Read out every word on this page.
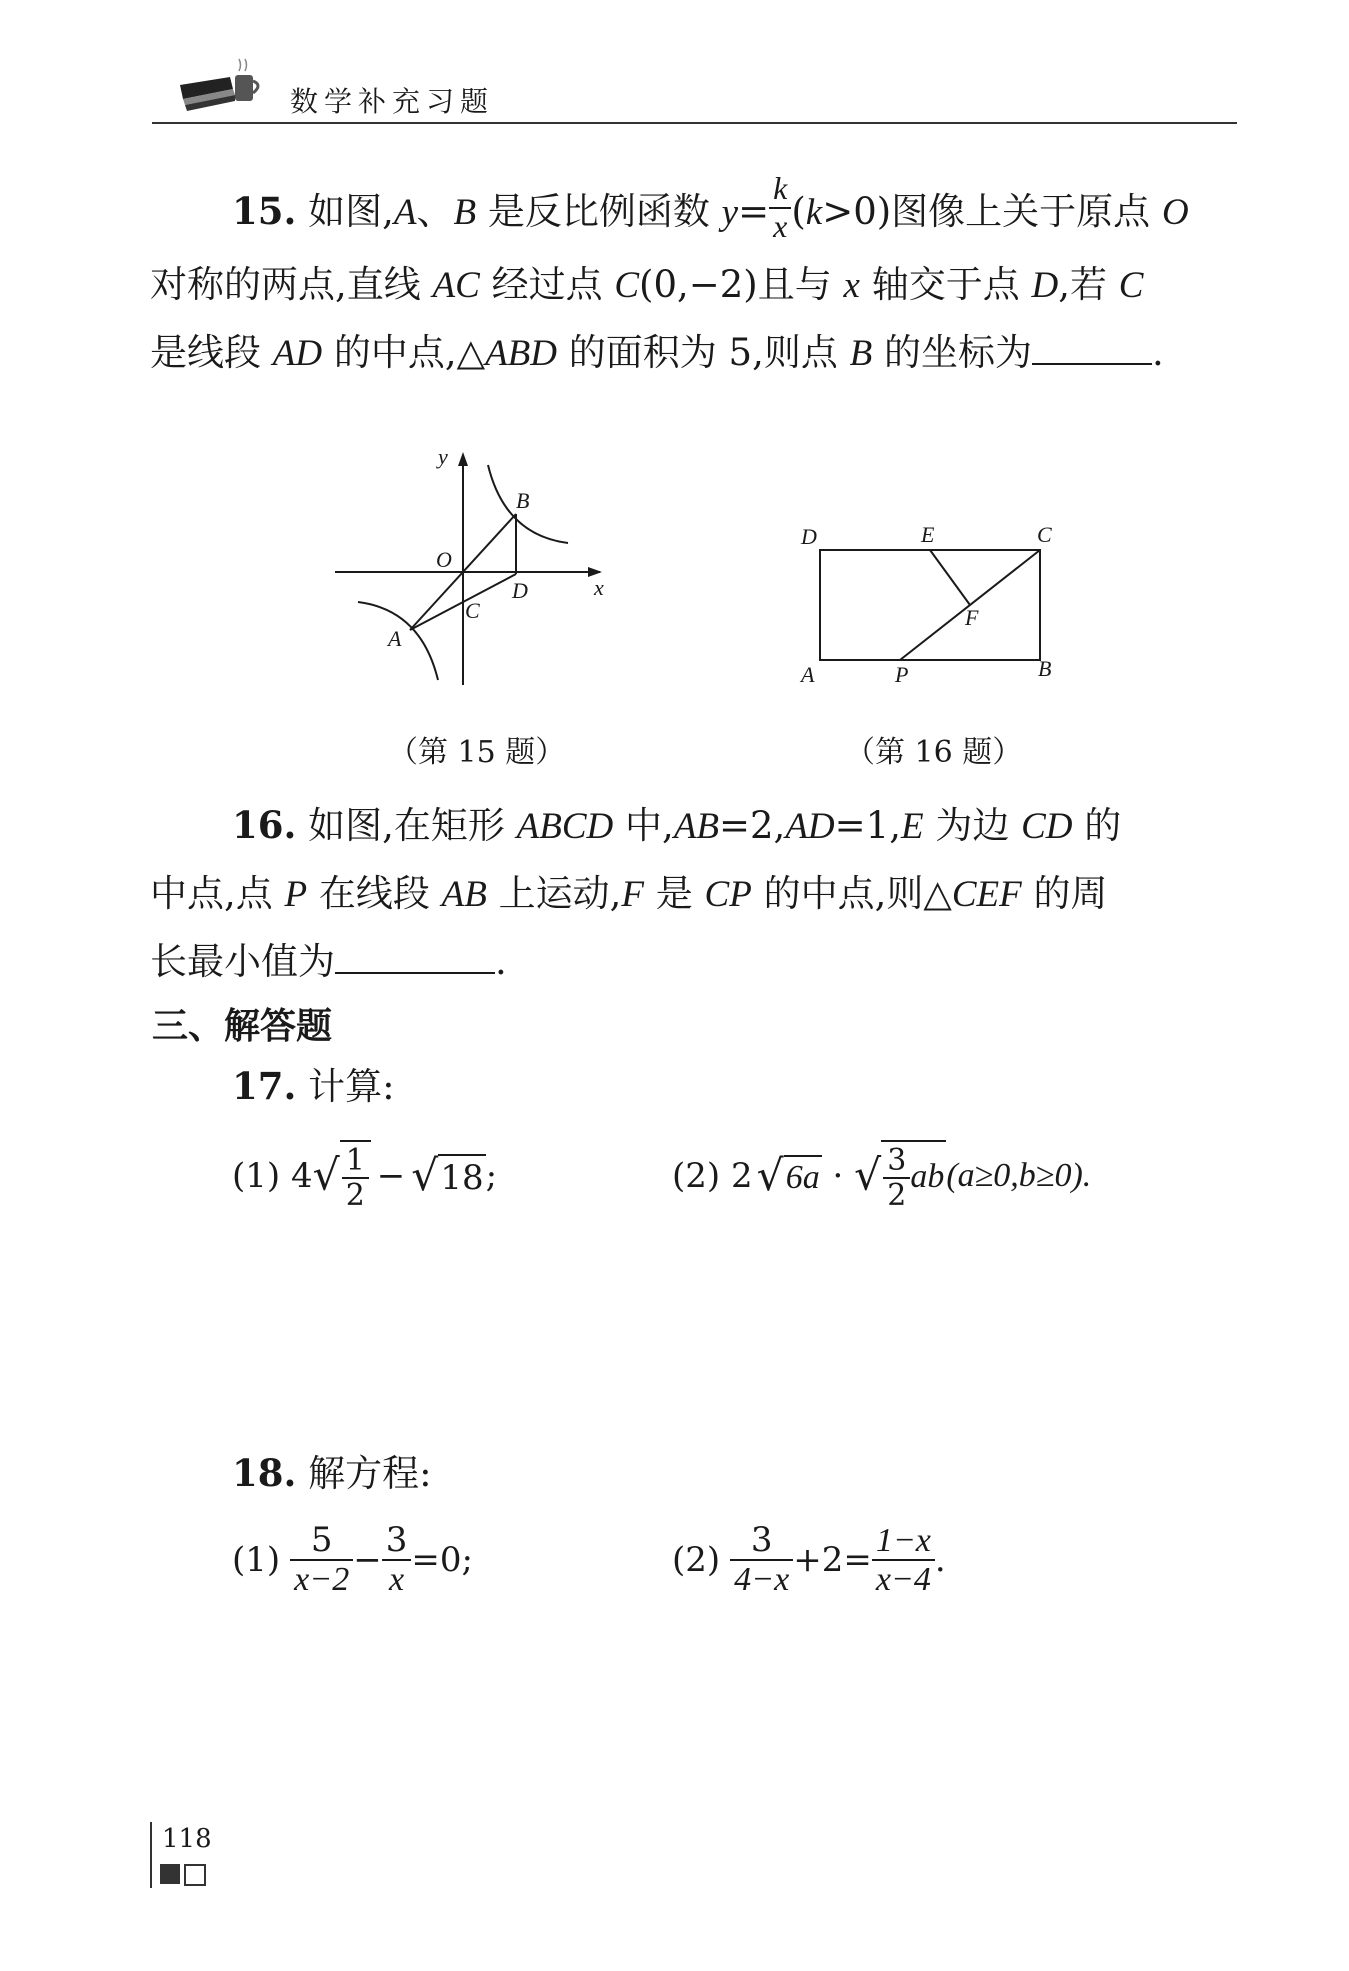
数学补充习题
15. 如图,A、B 是反比例函数 $y= \frac{k}{x} (k>0)$图像上关于原点 O
对称的两点,直线 AC 经过点 C(0,−2)且与 x 轴交于点 D,若 C
是线段 AD 的中点,△ABD 的面积为 5,则点 B 的坐标为	.
y
x
O
B
D
C
A
（第 15 题）
D	E	C
F
A	P	B
（第 16 题）
16. 如图,在矩形 ABCD 中,AB=2,AD=1,E 为边 CD 的
中点,点 P 在线段 AB 上运动,F 是 CP 的中点,则△CEF 的周
长最小值为	.
三、解答题
17. 计算:
(1) 4 √ $\frac{1}{2} - √18$ ;	(2) 2 √6a · √ $\frac{3}{2}$ ab (a≥0,b≥0).
18. 解方程:
$(1) \frac{5}{x-2} - \frac{3}{x} =0$;	$(2) \frac{3}{4-x} +2= \frac{1-x}{x-4}$ .
118
